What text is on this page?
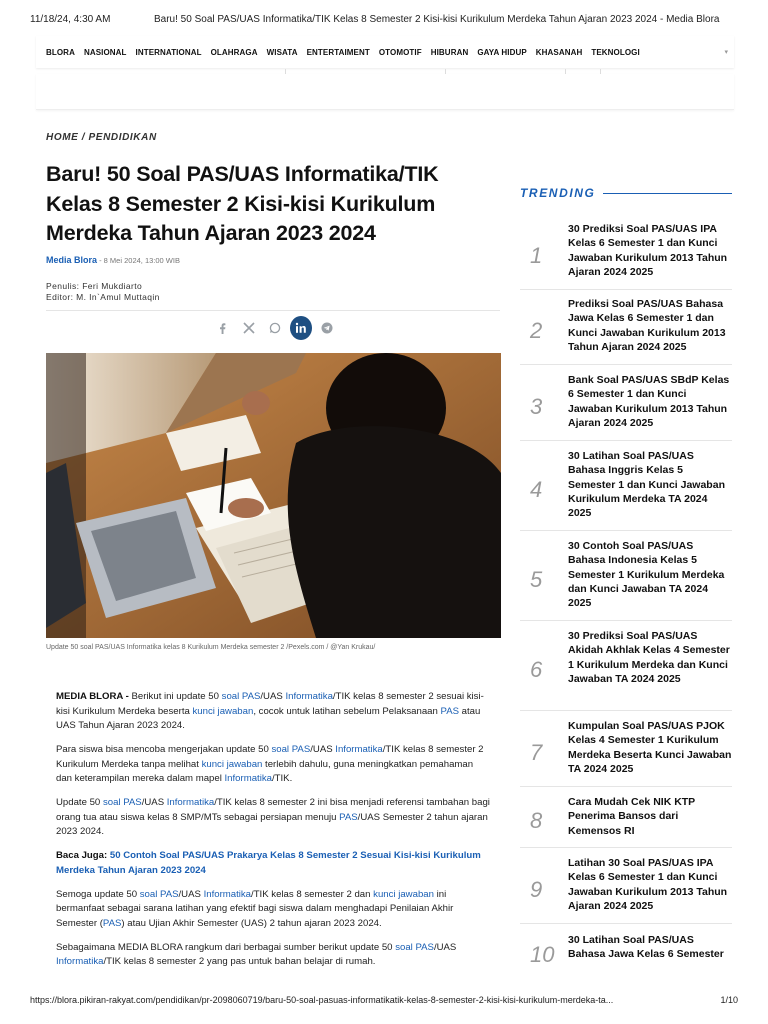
11/18/24, 4:30 AM	Baru! 50 Soal PAS/UAS Informatika/TIK Kelas 8 Semester 2 Kisi-kisi Kurikulum Merdeka Tahun Ajaran 2023 2024 - Media Blora
BLORA NASIONAL INTERNATIONAL OLAHRAGA WISATA ENTERTAIMENT OTOMOTIF HIBURAN GAYA HIDUP KHASANAH TEKNOLOGI	▾
HOME / PENDIDIKAN
Baru! 50 Soal PAS/UAS Informatika/TIK Kelas 8 Semester 2 Kisi-kisi Kurikulum Merdeka Tahun Ajaran 2023 2024
Media Blora - 8 Mei 2024, 13:00 WIB
Penulis: Feri Mukdiarto
Editor: M. In`Amul Muttaqin
Update 50 soal PAS/UAS Informatika kelas 8 Kurikulum Merdeka semester 2 /Pexels.com / @Yan Krukau/

MEDIA BLORA - Berikut ini update 50 soal PAS/UAS Informatika/TIK kelas 8 semester 2 sesuai kisi-kisi Kurikulum Merdeka beserta kunci jawaban, cocok untuk latihan sebelum Pelaksanaan PAS atau UAS Tahun Ajaran 2023 2024.

Para siswa bisa mencoba mengerjakan update 50 soal PAS/UAS Informatika/TIK kelas 8 semester 2 Kurikulum Merdeka tanpa melihat kunci jawaban terlebih dahulu, guna meningkatkan pemahaman dan keterampilan mereka dalam mapel Informatika/TIK.

Update 50 soal PAS/UAS Informatika/TIK kelas 8 semester 2 ini bisa menjadi referensi tambahan bagi orang tua atau siswa kelas 8 SMP/MTs sebagai persiapan menuju PAS/UAS Semester 2 tahun ajaran 2023 2024.

Baca Juga: 50 Contoh Soal PAS/UAS Prakarya Kelas 8 Semester 2 Sesuai Kisi-kisi Kurikulum Merdeka Tahun Ajaran 2023 2024

Semoga update 50 soal PAS/UAS Informatika/TIK kelas 8 semester 2 dan kunci jawaban ini bermanfaat sebagai sarana latihan yang efektif bagi siswa dalam menghadapi Penilaian Akhir Semester (PAS) atau Ujian Akhir Semester (UAS) 2 tahun ajaran 2023 2024.

Sebagaimana MEDIA BLORA rangkum dari berbagai sumber berikut update 50 soal PAS/UAS Informatika/TIK kelas 8 semester 2 yang pas untuk bahan belajar di rumah.

TRENDING
1
30 Prediksi Soal PAS/UAS IPA Kelas 6 Semester 1 dan Kunci Jawaban Kurikulum 2013 Tahun Ajaran 2024 2025
2
Prediksi Soal PAS/UAS Bahasa Jawa Kelas 6 Semester 1 dan Kunci Jawaban Kurikulum 2013 Tahun Ajaran 2024 2025
3
Bank Soal PAS/UAS SBdP Kelas 6 Semester 1 dan Kunci Jawaban Kurikulum 2013 Tahun Ajaran 2024 2025
4
30 Latihan Soal PAS/UAS Bahasa Inggris Kelas 5 Semester 1 dan Kunci Jawaban Kurikulum Merdeka TA 2024 2025
5
30 Contoh Soal PAS/UAS Bahasa Indonesia Kelas 5 Semester 1 Kurikulum Merdeka dan Kunci Jawaban TA 2024 2025
6
30 Prediksi Soal PAS/UAS Akidah Akhlak Kelas 4 Semester 1 Kurikulum Merdeka dan Kunci Jawaban TA 2024 2025
7
Kumpulan Soal PAS/UAS PJOK Kelas 4 Semester 1 Kurikulum Merdeka Beserta Kunci Jawaban TA 2024 2025
8
Cara Mudah Cek NIK KTP Penerima Bansos dari Kemensos RI
9
Latihan 30 Soal PAS/UAS IPA Kelas 6 Semester 1 dan Kunci Jawaban Kurikulum 2013 Tahun Ajaran 2024 2025
10
30 Latihan Soal PAS/UAS Bahasa Jawa Kelas 6 Semester
https://blora.pikiran-rakyat.com/pendidikan/pr-2098060719/baru-50-soal-pasuas-informatikatik-kelas-8-semester-2-kisi-kisi-kurikulum-merdeka-ta...	1/10
